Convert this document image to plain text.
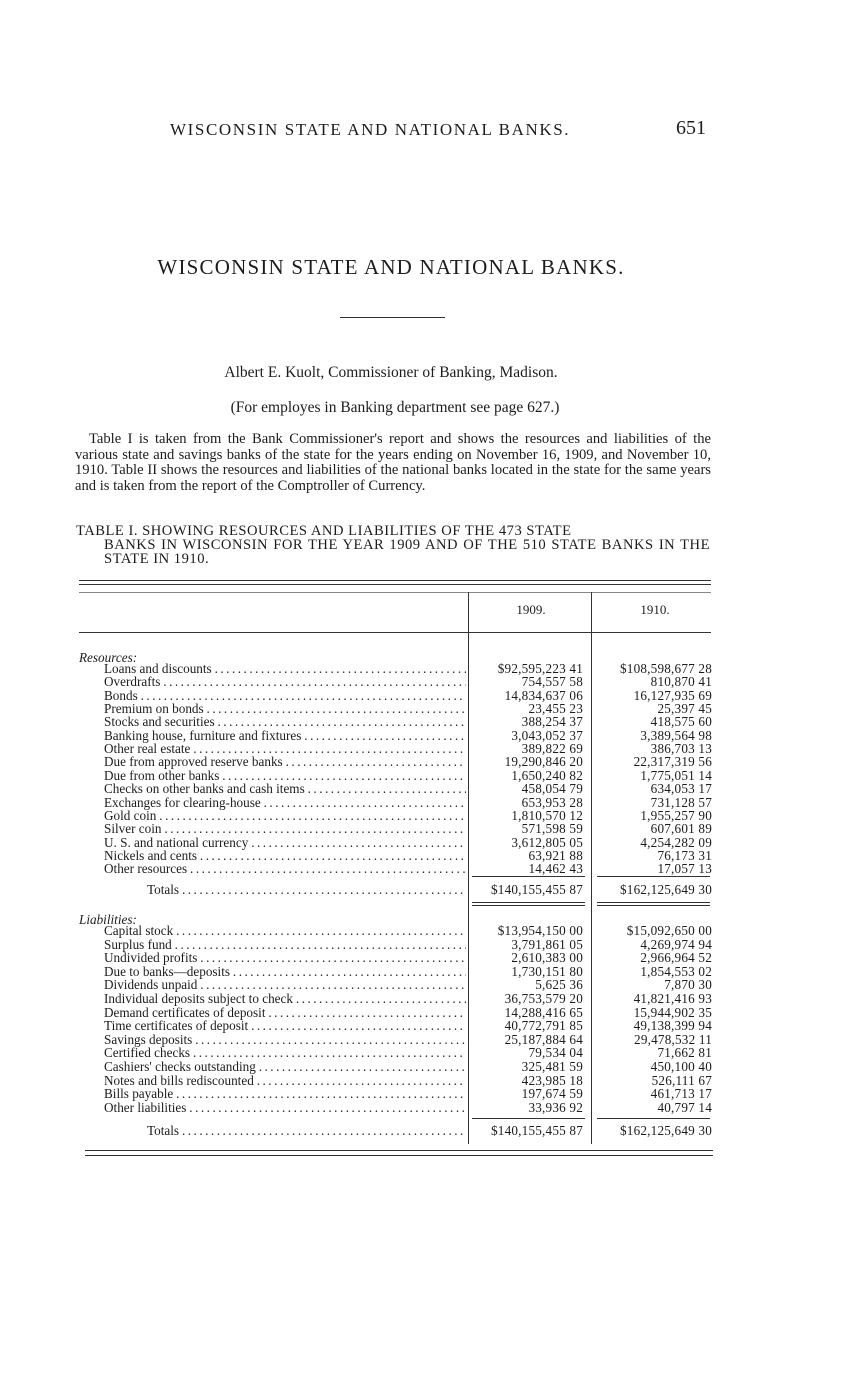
WISCONSIN STATE AND NATIONAL BANKS.	651
WISCONSIN STATE AND NATIONAL BANKS.
Albert E. Kuolt, Commissioner of Banking, Madison.
(For employes in Banking department see page 627.)
Table I is taken from the Bank Commissioner's report and shows the resources and liabilities of the various state and savings banks of the state for the years ending on November 16, 1909, and November 10, 1910. Table II shows the resources and liabilities of the national banks located in the state for the same years and is taken from the report of the Comptroller of Currency.
TABLE I. SHOWING RESOURCES AND LIABILITIES OF THE 473 STATE
BANKS IN WISCONSIN FOR THE YEAR 1909 AND OF THE 510 STATE BANKS IN THE STATE IN 1910.
1909.	1910.
Resources:
Loans and discounts . . .	$92,595,223 41	$108,598,677 28
Overdrafts . . .	754,557 58	810,870 41
Bonds . . .	14,834,637 06	16,127,935 69
Premium on bonds . . .	23,455 23	25,397 45
Stocks and securities . . .	388,254 37	418,575 60
Banking house, furniture and fixtures . . .	3,043,052 37	3,389,564 98
Other real estate . . .	389,822 69	386,703 13
Due from approved reserve banks . . .	19,290,846 20	22,317,319 56
Due from other banks . . .	1,650,240 82	1,775,051 14
Checks on other banks and cash items . . .	458,054 79	634,053 17
Exchanges for clearing-house . . .	653,953 28	731,128 57
Gold coin . . .	1,810,570 12	1,955,257 90
Silver coin . . .	571,598 59	607,601 89
U. S. and national currency . . .	3,612,805 05	4,254,282 09
Nickels and cents . . .	63,921 88	76,173 31
Other resources . . .	14,462 43	17,057 13
Totals . . .	$140,155,455 87	$162,125,649 30
Liabilities:
Capital stock . . .	$13,954,150 00	$15,092,650 00
Surplus fund . . .	3,791,861 05	4,269,974 94
Undivided profits . . .	2,610,383 00	2,966,964 52
Due to banks—deposits . . .	1,730,151 80	1,854,553 02
Dividends unpaid . . .	5,625 36	7,870 30
Individual deposits subject to check . . .	36,753,579 20	41,821,416 93
Demand certificates of deposit . . .	14,288,416 65	15,944,902 35
Time certificates of deposit . . .	40,772,791 85	49,138,399 94
Savings deposits . . .	25,187,884 64	29,478,532 11
Certified checks . . .	79,534 04	71,662 81
Cashiers' checks outstanding . . .	325,481 59	450,100 40
Notes and bills rediscounted . . .	423,985 18	526,111 67
Bills payable . . .	197,674 59	461,713 17
Other liabilities . . .	33,936 92	40,797 14
Totals . . .	$140,155,455 87	$162,125,649 30
